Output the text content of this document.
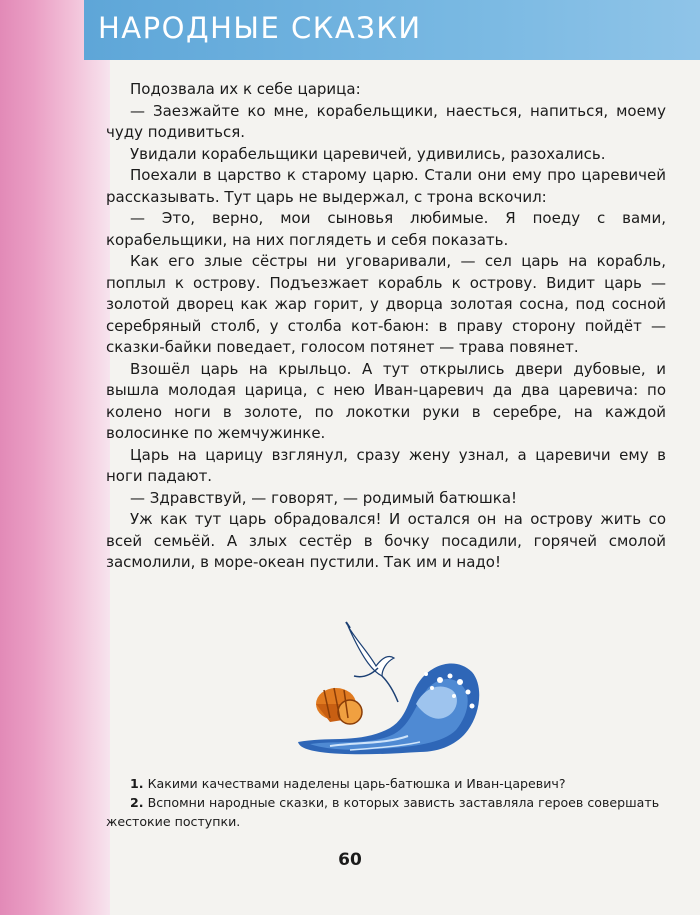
НАРОДНЫЕ СКАЗКИ

Подозвала их к себе царица:

— Заезжайте ко мне, корабельщики, наесться, напиться, моему чуду подивиться.

Увидали корабельщики царевичей, удивились, разохались.

Поехали в царство к старому царю. Стали они ему про царевичей рассказывать. Тут царь не выдержал, с трона вскочил:

— Это, верно, мои сыновья любимые. Я поеду с вами, корабельщики, на них поглядеть и себя показать.

Как его злые сёстры ни уговаривали, — сел царь на корабль, поплыл к острову. Подъезжает корабль к острову. Видит царь — золотой дворец как жар горит, у дворца золотая сосна, под сосной серебряный столб, у столба кот-баюн: в праву сторону пойдёт — сказки-байки поведает, голосом потянет — трава повянет.

Взошёл царь на крыльцо. А тут открылись двери дубовые, и вышла молодая царица, с нею Иван-царевич да два царевича: по колено ноги в золоте, по локотки руки в серебре, на каждой волосинке по жемчужинке.

Царь на царицу взглянул, сразу жену узнал, а царевичи ему в ноги падают.

— Здравствуй, — говорят, — родимый батюшка!

Уж как тут царь обрадовался! И остался он на острову жить со всей семьёй. А злых сестёр в бочку посадили, горячей смолой засмолили, в море-океан пустили. Так им и надо!

1. Какими качествами наделены царь-батюшка и Иван-царевич?

2. Вспомни народные сказки, в которых зависть заставляла героев совершать жестокие поступки.

60
